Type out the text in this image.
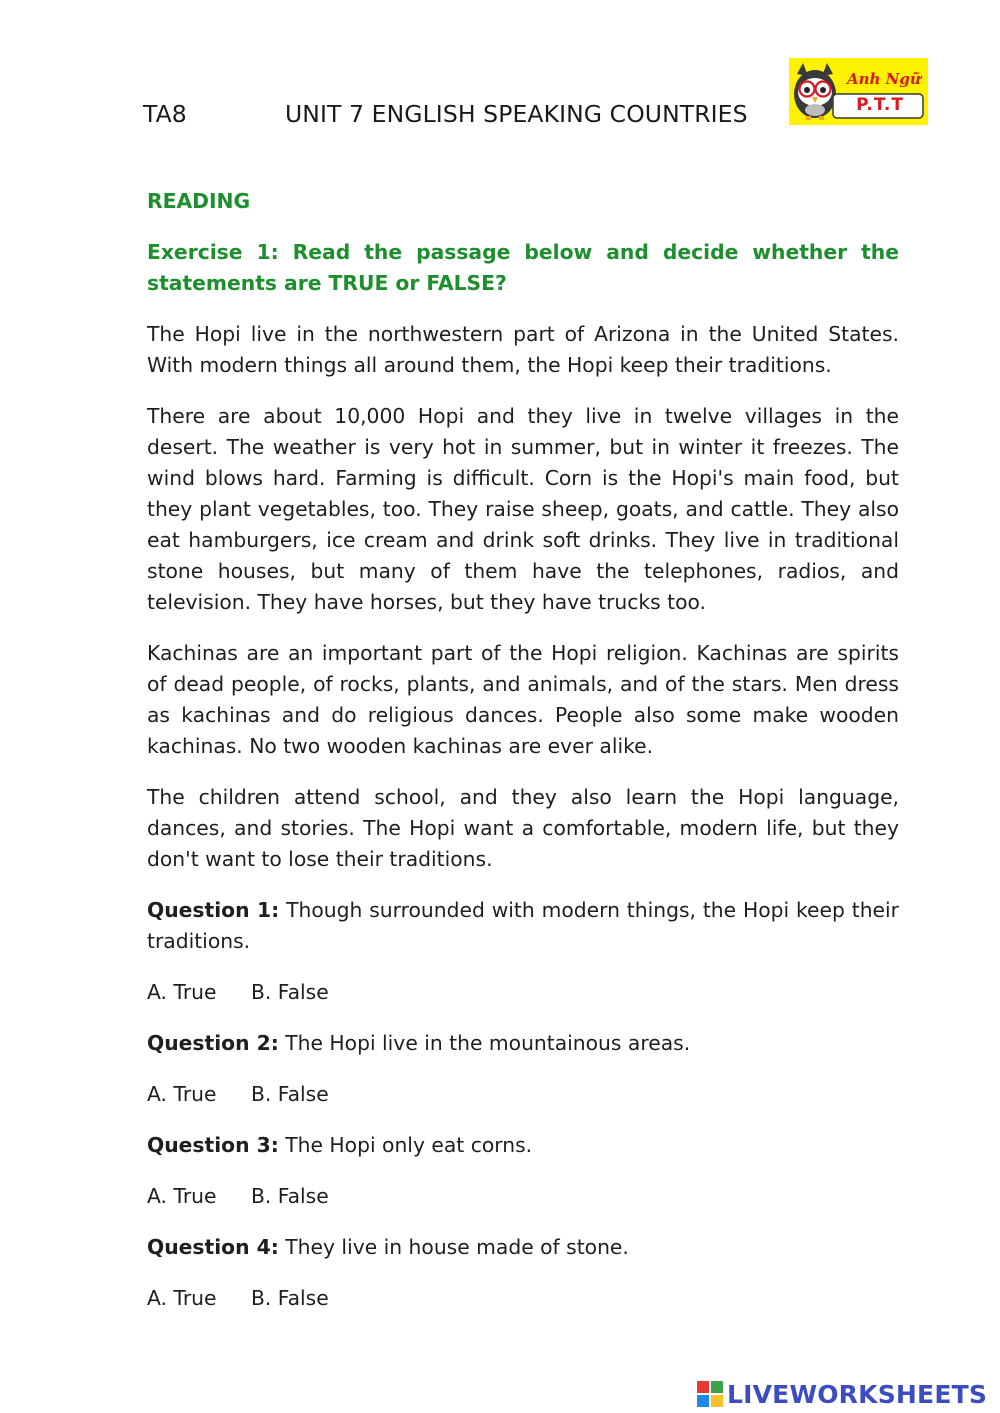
TA8	UNIT 7 ENGLISH SPEAKING COUNTRIES
Anh Ngữ
P.T.T
READING
Exercise 1: Read the passage below and decide whether the statements are TRUE or FALSE?
The Hopi live in the northwestern part of Arizona in the United States. With modern things all around them, the Hopi keep their traditions.
There are about 10,000 Hopi and they live in twelve villages in the desert. The weather is very hot in summer, but in winter it freezes. The wind blows hard. Farming is difficult. Corn is the Hopi's main food, but they plant vegetables, too. They raise sheep, goats, and cattle. They also eat hamburgers, ice cream and drink soft drinks. They live in traditional stone houses, but many of them have the telephones, radios, and television. They have horses, but they have trucks too.
Kachinas are an important part of the Hopi religion. Kachinas are spirits of dead people, of rocks, plants, and animals, and of the stars. Men dress as kachinas and do religious dances. People also some make wooden kachinas. No two wooden kachinas are ever alike.
The children attend school, and they also learn the Hopi language, dances, and stories. The Hopi want a comfortable, modern life, but they don't want to lose their traditions.
Question 1: Though surrounded with modern things, the Hopi keep their traditions.
A. True B. False
Question 2: The Hopi live in the mountainous areas.
A. True B. False
Question 3: The Hopi only eat corns.
A. True B. False
Question 4: They live in house made of stone.
A. True B. False
LIVEWORKSHEETS
